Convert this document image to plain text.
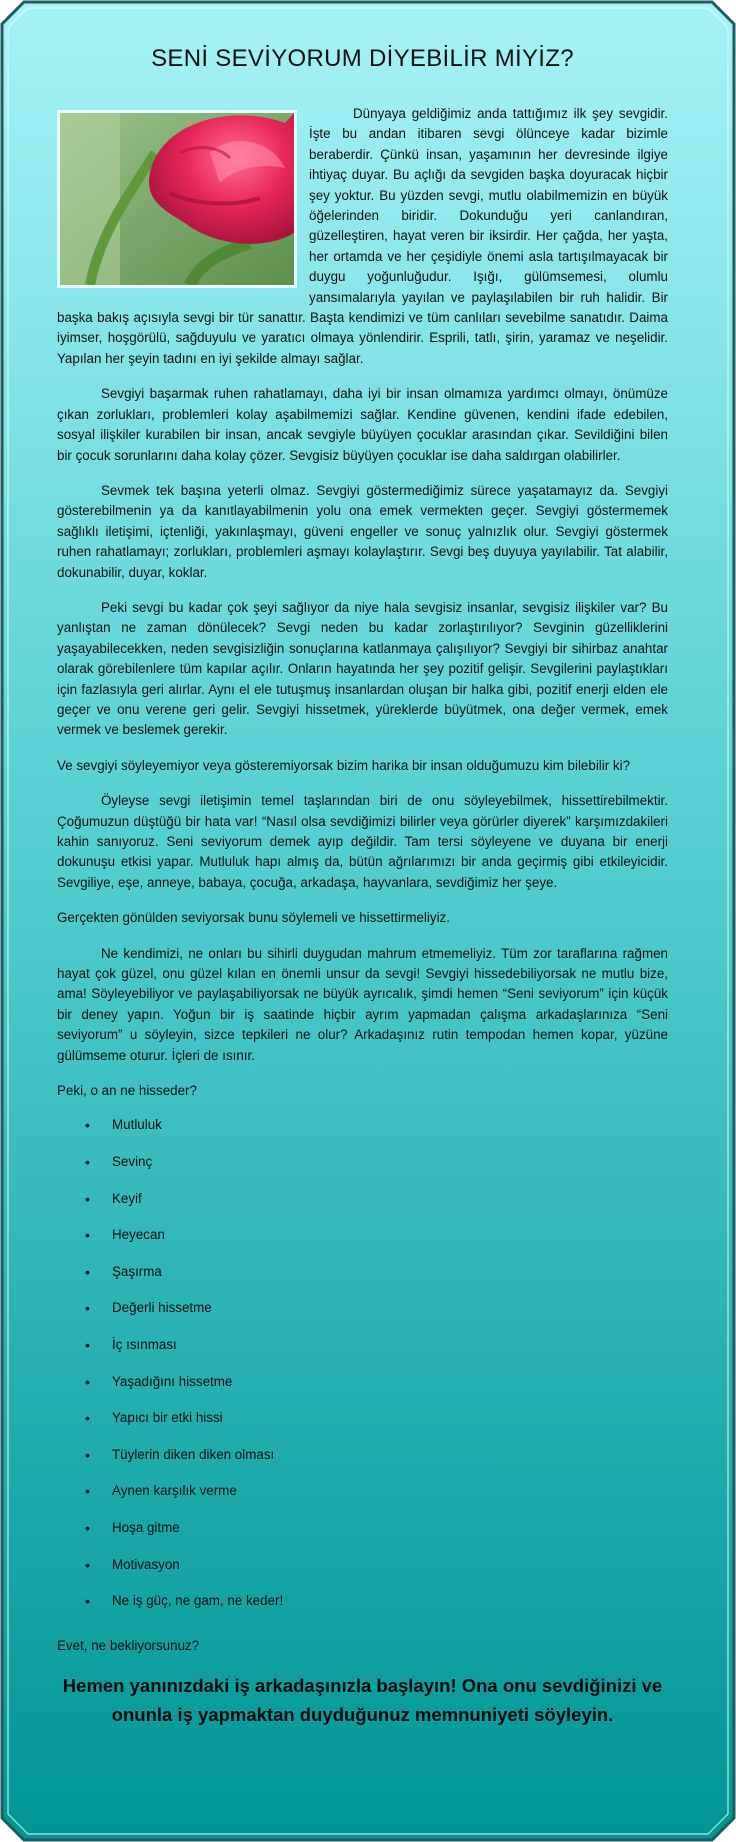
SENİ SEVİYORUM DİYEBİLİR MİYİZ?

Dünyaya geldiğimiz anda tattığımız ilk şey sevgidir. İşte bu andan itibaren sevgi ölünceye kadar bizimle beraberdir. Çünkü insan, yaşamının her devresinde ilgiye ihtiyaç duyar. Bu açlığı da sevgiden başka doyuracak hiçbir şey yoktur. Bu yüzden sevgi, mutlu olabilmemizin en büyük öğelerinden biridir. Dokunduğu yeri canlandıran, güzelleştiren, hayat veren bir iksirdir. Her çağda, her yaşta, her ortamda ve her çeşidiyle önemi asla tartışılmayacak bir duygu yoğunluğudur. Işığı, gülümsemesi, olumlu yansımalarıyla yayılan ve paylaşılabilen bir ruh halidir. Bir başka bakış açısıyla sevgi bir tür sanattır. Başta kendimizi ve tüm canlıları sevebilme sanatıdır. Daima iyimser, hoşgörülü, sağduyulu ve yaratıcı olmaya yönlendirir. Esprili, tatlı, şirin, yaramaz ve neşelidir. Yapılan her şeyin tadını en iyi şekilde almayı sağlar.

Sevgiyi başarmak ruhen rahatlamayı, daha iyi bir insan olmamıza yardımcı olmayı, önümüze çıkan zorlukları, problemleri kolay aşabilmemizi sağlar. Kendine güvenen, kendini ifade edebilen, sosyal ilişkiler kurabilen bir insan, ancak sevgiyle büyüyen çocuklar arasından çıkar. Sevildiğini bilen bir çocuk sorunlarını daha kolay çözer. Sevgisiz büyüyen çocuklar ise daha saldırgan olabilirler.

Sevmek tek başına yeterli olmaz. Sevgiyi göstermediğimiz sürece yaşatamayız da. Sevgiyi gösterebilmenin ya da kanıtlayabilmenin yolu ona emek vermekten geçer. Sevgiyi göstermemek sağlıklı iletişimi, içtenliği, yakınlaşmayı, güveni engeller ve sonuç yalnızlık olur. Sevgiyi göstermek ruhen rahatlamayı; zorlukları, problemleri aşmayı kolaylaştırır. Sevgi beş duyuya yayılabilir. Tat alabilir, dokunabilir, duyar, koklar.

Peki sevgi bu kadar çok şeyi sağlıyor da niye hala sevgisiz insanlar, sevgisiz ilişkiler var? Bu yanlıştan ne zaman dönülecek? Sevgi neden bu kadar zorlaştırılıyor? Sevginin güzelliklerini yaşayabilecekken, neden sevgisizliğin sonuçlarına katlanmaya çalışılıyor? Sevgiyi bir sihirbaz anahtar olarak görebilenlere tüm kapılar açılır. Onların hayatında her şey pozitif gelişir. Sevgilerini paylaştıkları için fazlasıyla geri alırlar. Aynı el ele tutuşmuş insanlardan oluşan bir halka gibi, pozitif enerji elden ele geçer ve onu verene geri gelir. Sevgiyi hissetmek, yüreklerde büyütmek, ona değer vermek, emek vermek ve beslemek gerekir.

Ve sevgiyi söyleyemiyor veya gösteremiyorsak bizim harika bir insan olduğumuzu kim bilebilir ki?

Öyleyse sevgi iletişimin temel taşlarından biri de onu söyleyebilmek, hissettirebilmektir. Çoğumuzun düştüğü bir hata var! “Nasıl olsa sevdiğimizi bilirler veya görürler diyerek” karşımızdakileri kahin sanıyoruz. Seni seviyorum demek ayıp değildir. Tam tersi söyleyene ve duyana bir enerji dokunuşu etkisi yapar. Mutluluk hapı almış da, bütün ağrılarımızı bir anda geçirmiş gibi etkileyicidir. Sevgiliye, eşe, anneye, babaya, çocuğa, arkadaşa, hayvanlara, sevdiğimiz her şeye.

Gerçekten gönülden seviyorsak bunu söylemeli ve hissettirmeliyiz.

Ne kendimizi, ne onları bu sihirli duygudan mahrum etmemeliyiz. Tüm zor taraflarına rağmen hayat çok güzel, onu güzel kılan en önemli unsur da sevgi! Sevgiyi hissedebiliyorsak ne mutlu bize, ama! Söyleyebiliyor ve paylaşabiliyorsak ne büyük ayrıcalık, şimdi hemen “Seni seviyorum” için küçük bir deney yapın. Yoğun bir iş saatinde hiçbir ayrım yapmadan çalışma arkadaşlarınıza “Seni seviyorum” u söyleyin, sizce tepkileri ne olur? Arkadaşınız rutin tempodan hemen kopar, yüzüne gülümseme oturur. İçleri de ısınır.

Peki, o an ne hisseder?

• Mutluluk
• Sevinç
• Keyif
• Heyecan
• Şaşırma
• Değerli hissetme
• İç ısınması
• Yaşadığını hissetme
• Yapıcı bir etki hissi
• Tüylerin diken diken olması
• Aynen karşılık verme
• Hoşa gitme
• Motivasyon
• Ne iş güç, ne gam, ne keder!

Evet, ne bekliyorsunuz?

Hemen yanınızdaki iş arkadaşınızla başlayın! Ona onu sevdiğinizi ve onunla iş yapmaktan duyduğunuz memnuniyeti söyleyin.
